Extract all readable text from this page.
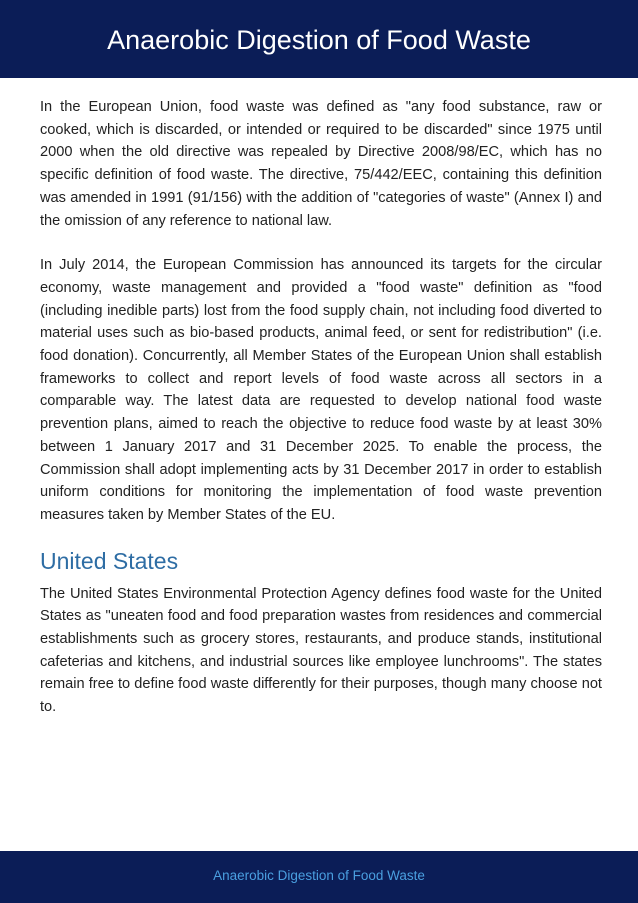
Anaerobic Digestion of Food Waste

In the European Union, food waste was defined as "any food substance, raw or cooked, which is discarded, or intended or required to be discarded" since 1975 until 2000 when the old directive was repealed by Directive 2008/98/EC, which has no specific definition of food waste. The directive, 75/442/EEC, containing this definition was amended in 1991 (91/156) with the addition of "categories of waste" (Annex I) and the omission of any reference to national law.

In July 2014, the European Commission has announced its targets for the circular economy, waste management and provided a "food waste" definition as "food (including inedible parts) lost from the food supply chain, not including food diverted to material uses such as bio-based products, animal feed, or sent for redistribution" (i.e. food donation). Concurrently, all Member States of the European Union shall establish frameworks to collect and report levels of food waste across all sectors in a comparable way. The latest data are requested to develop national food waste prevention plans, aimed to reach the objective to reduce food waste by at least 30% between 1 January 2017 and 31 December 2025. To enable the process, the Commission shall adopt implementing acts by 31 December 2017 in order to establish uniform conditions for monitoring the implementation of food waste prevention measures taken by Member States of the EU.

United States

The United States Environmental Protection Agency defines food waste for the United States as "uneaten food and food preparation wastes from residences and commercial establishments such as grocery stores, restaurants, and produce stands, institutional cafeterias and kitchens, and industrial sources like employee lunchrooms". The states remain free to define food waste differently for their purposes, though many choose not to.

Anaerobic Digestion of Food Waste
